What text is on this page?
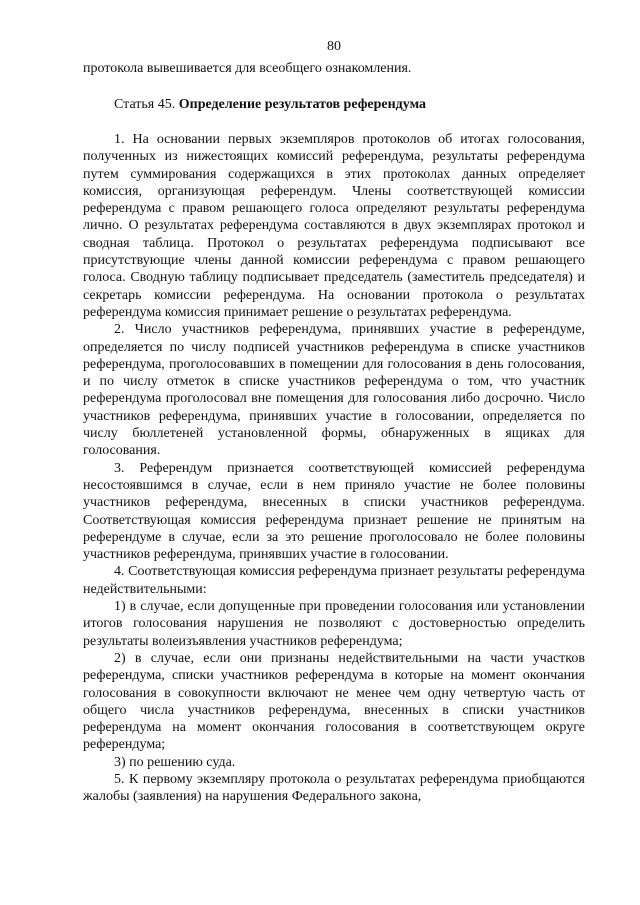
80

протокола вывешивается для всеобщего ознакомления.

Статья 45. Определение результатов референдума

1. На основании первых экземпляров протоколов об итогах голосования, полученных из нижестоящих комиссий референдума, результаты референдума путем суммирования содержащихся в этих протоколах данных определяет комиссия, организующая референдум. Члены соответствующей комиссии референдума с правом решающего голоса определяют результаты референдума лично. О результатах референдума составляются в двух экземплярах протокол и сводная таблица. Протокол о результатах референдума подписывают все присутствующие члены данной комиссии референдума с правом решающего голоса. Сводную таблицу подписывает председатель (заместитель председателя) и секретарь комиссии референдума. На основании протокола о результатах референдума комиссия принимает решение о результатах референдума.

2. Число участников референдума, принявших участие в референдуме, определяется по числу подписей участников референдума в списке участников референдума, проголосовавших в помещении для голосования в день голосования, и по числу отметок в списке участников референдума о том, что участник референдума проголосовал вне помещения для голосования либо досрочно. Число участников референдума, принявших участие в голосовании, определяется по числу бюллетеней установленной формы, обнаруженных в ящиках для голосования.

3. Референдум признается соответствующей комиссией референдума несостоявшимся в случае, если в нем приняло участие не более половины участников референдума, внесенных в списки участников референдума. Соответствующая комиссия референдума признает решение не принятым на референдуме в случае, если за это решение проголосовало не более половины участников референдума, принявших участие в голосовании.

4. Соответствующая комиссия референдума признает результаты референдума недействительными:

1) в случае, если допущенные при проведении голосования или установлении итогов голосования нарушения не позволяют с достоверностью определить результаты волеизъявления участников референдума;

2) в случае, если они признаны недействительными на части участков референдума, списки участников референдума в которые на момент окончания голосования в совокупности включают не менее чем одну четвертую часть от общего числа участников референдума, внесенных в списки участников референдума на момент окончания голосования в соответствующем округе референдума;

3) по решению суда.

5. К первому экземпляру протокола о результатах референдума приобщаются жалобы (заявления) на нарушения Федерального закона,
